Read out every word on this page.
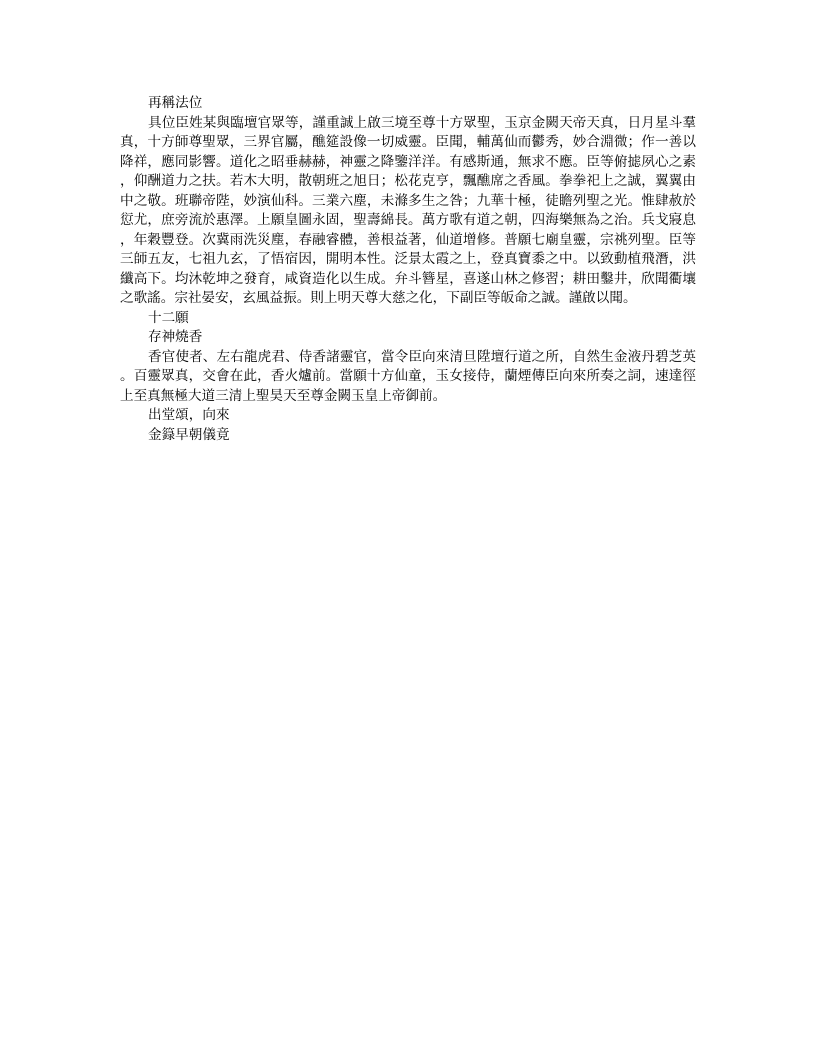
再稱法位

具位臣姓某與臨壇官眾等，謹重誠上啟三境至尊十方眾聖，玉京金闕天帝天真，日月星斗羣真，十方師尊聖眾，三界官屬，醮筵設像一切威靈。臣聞，輔萬仙而鬱秀，妙合淵微；作一善以降祥，應同影響。道化之昭垂赫赫，神靈之降鑒洋洋。有感斯通，無求不應。臣等俯摅夙心之素，仰酬道力之扶。若木大明，散朝班之旭日；松花克亨，飄醮席之香風。拳拳祀上之誠，翼翼由中之敬。班聯帝陛，妙演仙科。三業六塵，未滌多生之咎；九華十極，徒瞻列聖之光。惟肆赦於愆尤，庶旁流於惠澤。上願皇圖永固，聖壽綿長。萬方歌有道之朝，四海樂無為之治。兵戈寢息，年穀豐登。次冀雨洗災塵，春融睿體，善根益著，仙道增修。普願七廟皇靈，宗祧列聖。臣等三師五友，七祖九玄，了悟宿因，開明本性。泛景太霞之上，登真寶黍之中。以致動植飛潛，洪纖高下。均沐乾坤之發育，咸資造化以生成。弁斗簪星，喜遂山林之修習；耕田鑿井，欣聞衢壤之歌謠。宗社晏安，玄風益振。則上明天尊大慈之化，下副臣等皈命之誠。謹啟以聞。

十二願

存神燒香

香官使者、左右龍虎君、侍香諸靈官，當令臣向來清旦陞壇行道之所，自然生金液丹碧芝英。百靈眾真，交會在此，香火爐前。當願十方仙童，玉女接侍，蘭煙傳臣向來所奏之詞，速達徑上至真無極大道三清上聖昊天至尊金闕玉皇上帝御前。

出堂頌，向來

金籙早朝儀竟
